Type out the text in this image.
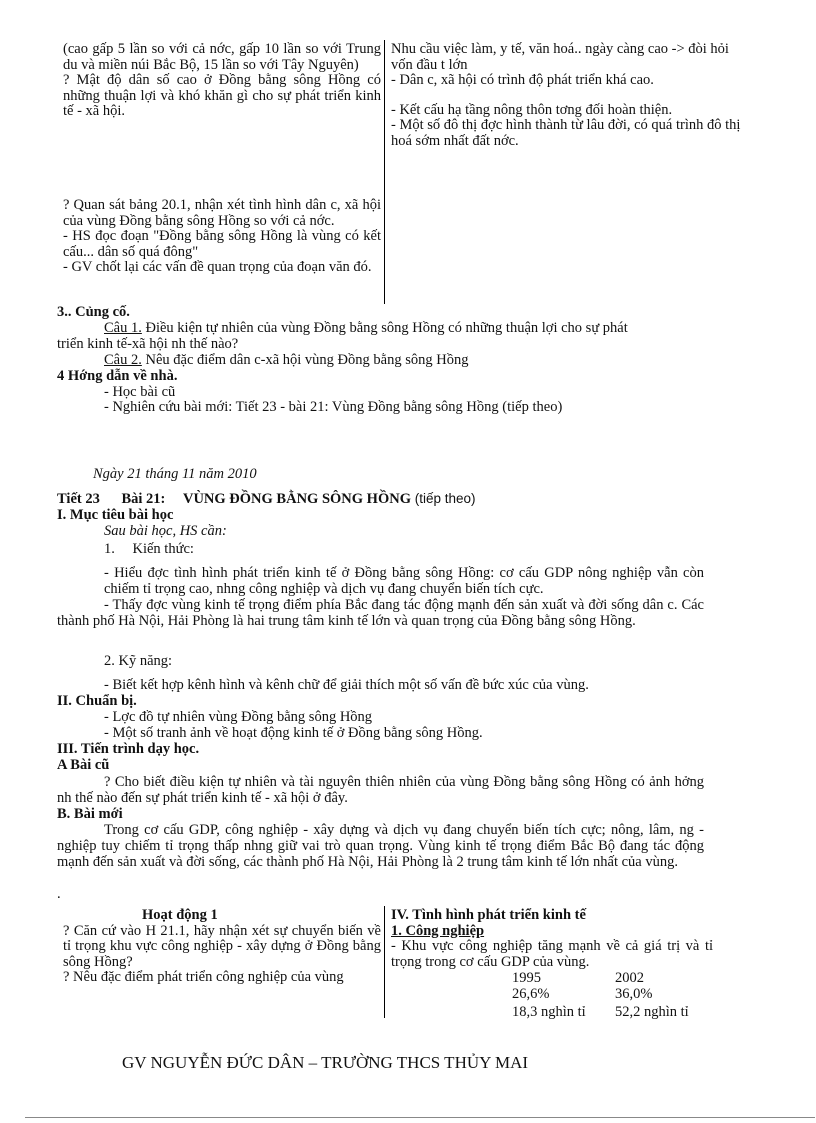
(cao gấp 5 lần so với cả nớc, gấp 10 lần so với Trung du và miền núi Bắc Bộ, 15 lần so với Tây Nguyên)
? Mật độ dân số cao ở Đồng bằng sông Hồng có những thuận lợi và khó khăn gì cho sự phát triển kinh tế - xã hội.
? Quan sát bảng 20.1, nhận xét tình hình dân c, xã hội của vùng Đồng bằng sông Hồng so với cả nớc.
- HS đọc đoạn "Đồng bằng sông Hồng là vùng có kết cấu... dân số quá đông"
- GV chốt lại các vấn đề quan trọng của đoạn văn đó.
Nhu cầu việc làm, y tế, văn hoá.. ngày càng cao -> đòi hỏi vốn đầu t lớn
- Dân c, xã hội có trình độ phát triển khá cao.
- Kết cấu hạ tầng nông thôn tơng đối hoàn thiện.
- Một số đô thị đợc hình thành từ lâu đời, có quá trình đô thị hoá sớm nhất đất nớc.
3.. Củng cố.
Câu 1. Điều kiện tự nhiên của vùng Đồng bằng sông Hồng có những thuận lợi cho sự phát
triển kinh tế-xã hội nh thế nào?
Câu 2. Nêu đặc điểm dân c-xã hội vùng Đồng bằng sông Hồng
4 Hớng dẫn về nhà.
- Học bài cũ
- Nghiên cứu bài mới: Tiết 23 - bài 21: Vùng Đồng bằng sông Hồng (tiếp theo)
Ngày 21 tháng 11 năm 2010
Tiết 23 Bài 21: VÙNG ĐỒNG BẰNG SÔNG HỒNG (tiếp theo)
I. Mục tiêu bài học
Sau bài học, HS cần:
1. Kiến thức:
- Hiểu đợc tình hình phát triển kinh tế ở Đồng bằng sông Hồng: cơ cấu GDP nông nghiệp vẫn còn chiếm tỉ trọng cao, nhng công nghiệp và dịch vụ đang chuyển biến tích cực.
- Thấy đợc vùng kinh tế trọng điểm phía Bắc đang tác động mạnh đến sản xuất và đời sống dân c. Các thành phố Hà Nội, Hải Phòng là hai trung tâm kinh tế lớn và quan trọng của Đồng bằng sông Hồng.
2. Kỹ năng:
- Biết kết hợp kênh hình và kênh chữ để giải thích một số vấn đề bức xúc của vùng.
II. Chuẩn bị.
- Lợc đồ tự nhiên vùng Đồng bằng sông Hồng
- Một số tranh ảnh về hoạt động kinh tế ở Đồng bằng sông Hồng.
III. Tiến trình dạy học.
A Bài cũ
? Cho biết điều kiện tự nhiên và tài nguyên thiên nhiên của vùng Đồng bằng sông Hồng có ảnh hởng nh thế nào đến sự phát triển kinh tế - xã hội ở đây.
B. Bài mới
Trong cơ cấu GDP, công nghiệp - xây dựng và dịch vụ đang chuyển biến tích cực; nông, lâm, ng - nghiệp tuy chiếm tỉ trọng thấp nhng giữ vai trò quan trọng. Vùng kinh tế trọng điểm Bắc Bộ đang tác động mạnh đến sản xuất và đời sống, các thành phố Hà Nội, Hải Phòng là 2 trung tâm kinh tế lớn nhất của vùng.
.
Hoạt động 1
? Căn cứ vào H 21.1, hãy nhận xét sự chuyển biến về tỉ trọng khu vực công nghiệp - xây dựng ở Đồng bằng sông Hồng?
? Nêu đặc điểm phát triển công nghiệp của vùng
IV. Tình hình phát triển kinh tế
1. Công nghiệp
- Khu vực công nghiệp tăng mạnh về cả giá trị và tỉ trọng trong cơ cấu GDP của vùng.
1995	2002
26,6%	36,0%
18,3 nghìn tỉ 52,2 nghìn tỉ
GV NGUYỄN ĐỨC DÂN – TRƯỜNG THCS THỦY MAI
